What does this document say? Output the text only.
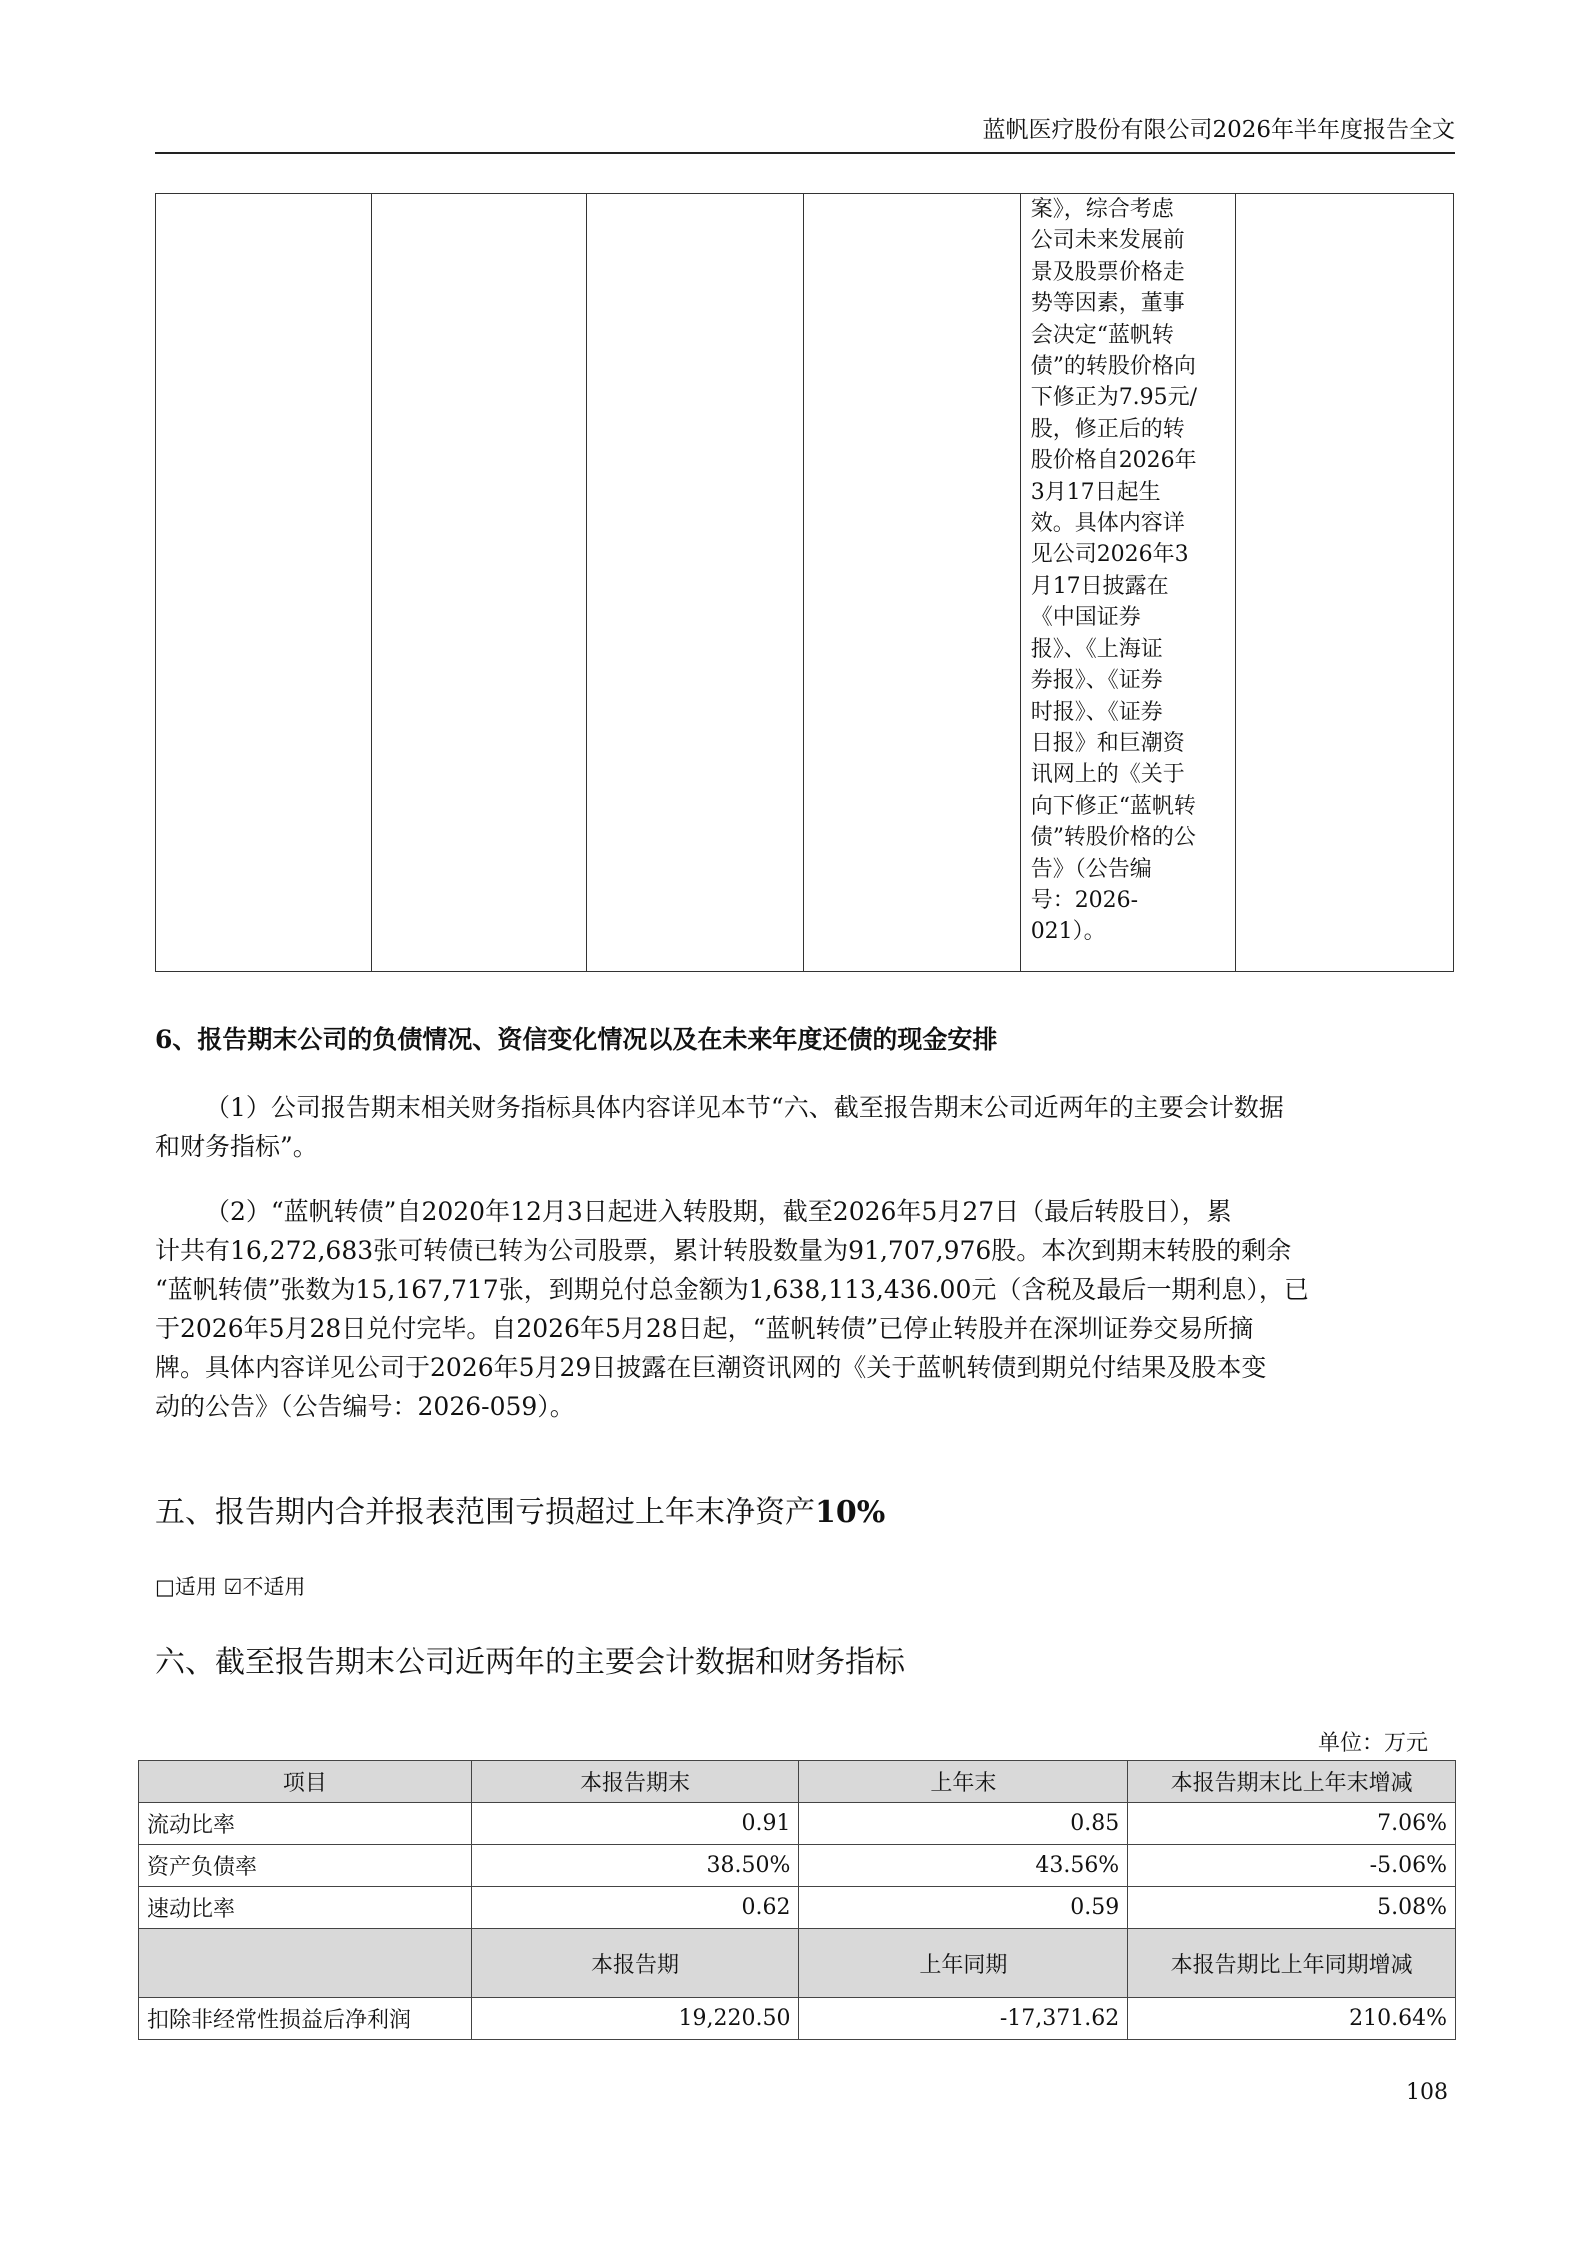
蓝帆医疗股份有限公司2026年半年度报告全文
案》，综合考虑
公司未来发展前
景及股票价格走
势等因素，董事
会决定“蓝帆转
债”的转股价格向
下修正为7.95元/
股，修正后的转
股价格自2026年
3月17日起生
效。具体内容详
见公司2026年3
月17日披露在
《中国证券
报》、《上海证
券报》、《证券
时报》、《证券
日报》和巨潮资
讯网上的《关于
向下修正“蓝帆转
债”转股价格的公
告》（公告编
号：2026-
021）。
6、报告期末公司的负债情况、资信变化情况以及在未来年度还债的现金安排
（1）公司报告期末相关财务指标具体内容详见本节“六、截至报告期末公司近两年的主要会计数据
和财务指标”。
（2）“蓝帆转债”自2020年12月3日起进入转股期，截至2026年5月27日（最后转股日），累
计共有16,272,683张可转债已转为公司股票，累计转股数量为91,707,976股。本次到期末转股的剩余
“蓝帆转债”张数为15,167,717张，到期兑付总金额为1,638,113,436.00元（含税及最后一期利息），已
于2026年5月28日兑付完毕。自2026年5月28日起，“蓝帆转债”已停止转股并在深圳证券交易所摘
牌。具体内容详见公司于2026年5月29日披露在巨潮资讯网的《关于蓝帆转债到期兑付结果及股本变
动的公告》（公告编号：2026-059）。
五、报告期内合并报表范围亏损超过上年末净资产10%
□适用 ☑不适用
六、截至报告期末公司近两年的主要会计数据和财务指标
单位：万元
项目	本报告期末	上年末	本报告期末比上年末增减
流动比率	0.91	0.85	7.06%
资产负债率	38.50%	43.56%	-5.06%
速动比率	0.62	0.59	5.08%
	本报告期	上年同期	本报告期比上年同期增减
扣除非经常性损益后净利润	19,220.50	-17,371.62	210.64%
108
